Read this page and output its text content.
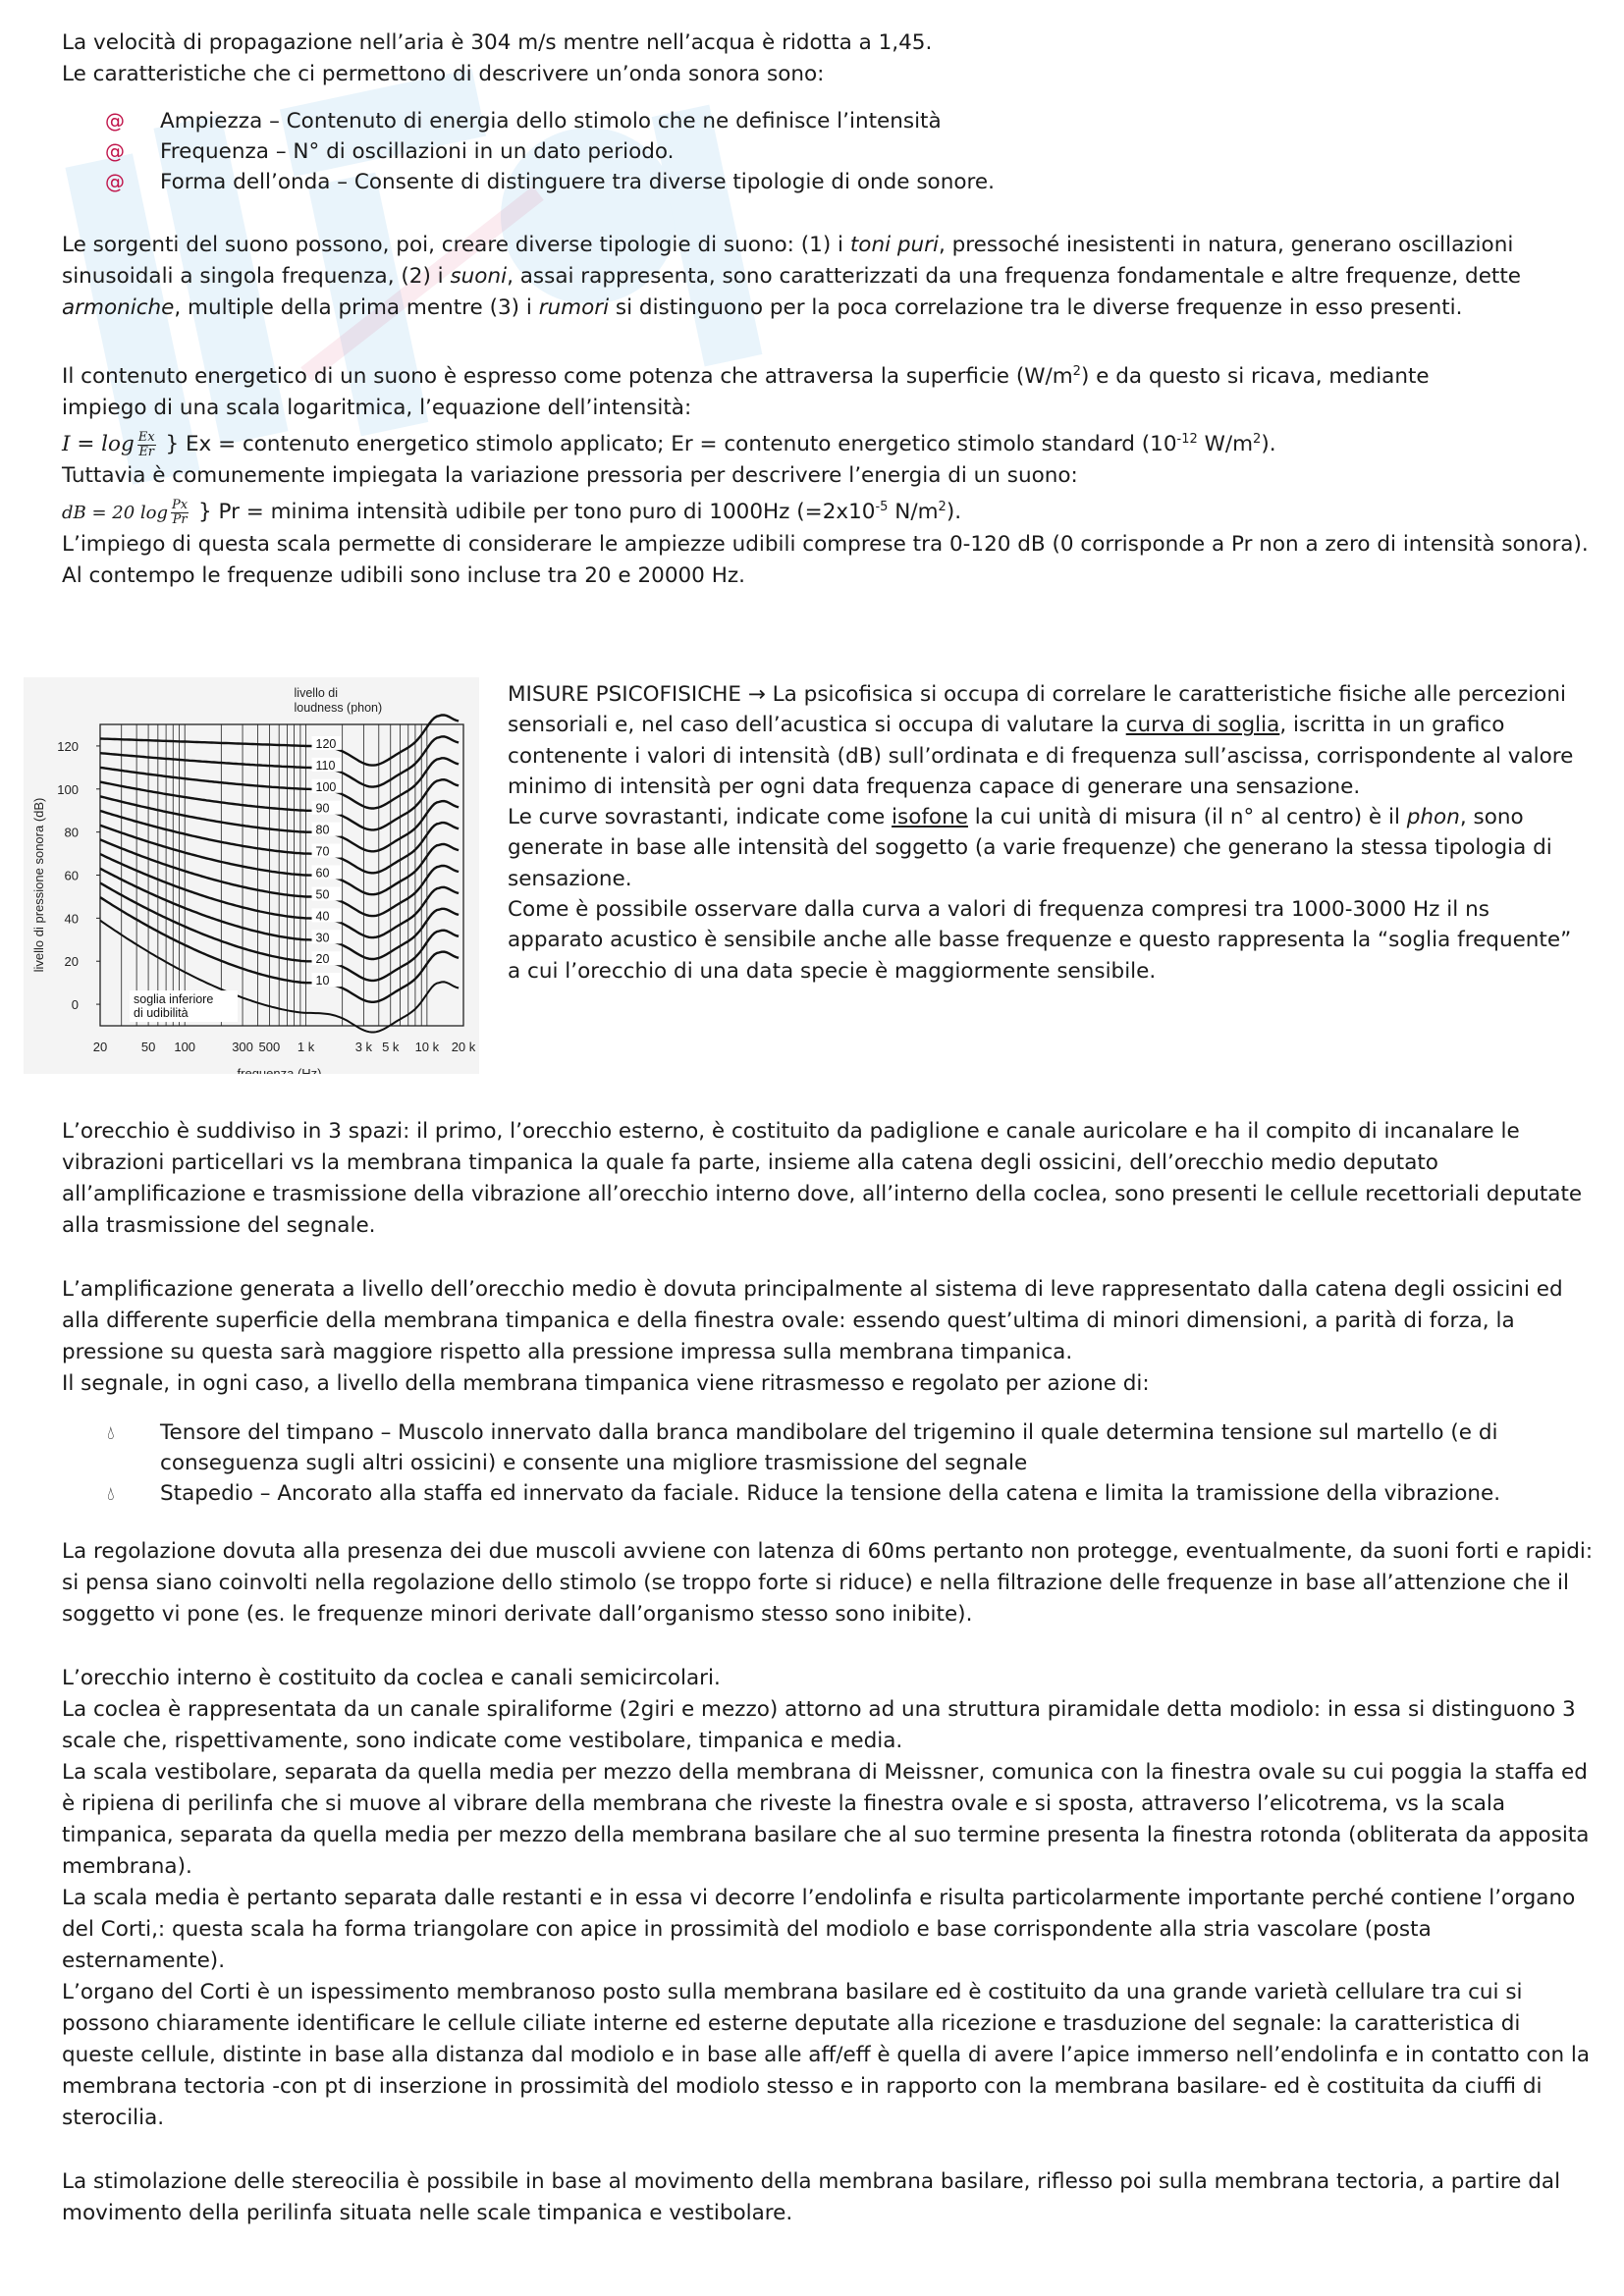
La velocità di propagazione nell’aria è 304 m/s mentre nell’acqua è ridotta a 1,45.
Le caratteristiche che ci permettono di descrivere un’onda sonora sono:

@ Ampiezza – Contenuto di energia dello stimolo che ne definisce l’intensità
@ Frequenza – N° di oscillazioni in un dato periodo.
@ Forma dell’onda – Consente di distinguere tra diverse tipologie di onde sonore.

Le sorgenti del suono possono, poi, creare diverse tipologie di suono: (1) i toni puri, pressoché inesistenti in natura, generano oscillazioni sinusoidali a singola frequenza, (2) i suoni, assai rappresenta, sono caratterizzati da una frequenza fondamentale e altre frequenze, dette armoniche, multiple della prima mentre (3) i rumori si distinguono per la poca correlazione tra le diverse frequenze in esso presenti.

Il contenuto energetico di un suono è espresso come potenza che attraversa la superficie $(W/m^2)$ e da questo si ricava, mediante
impiego di una scala logaritmica, l’equazione dell’intensità:
$I = \log \frac{Ex}{Er}$ } Ex = contenuto energetico stimolo applicato; Er = contenuto energetico stimolo standard ($10^{-12}$ $W/m^2$).
Tuttavia è comunemente impiegata la variazione pressoria per descrivere l’energia di un suono:
dB = 20 $\log \frac{Px}{Pr}$ } Pr = minima intensità udibile per tono puro di 1000Hz ($=2x10^{-5}$ $N/m^2$).
L’impiego di questa scala permette di considerare le ampiezze udibili comprese tra 0-120 dB (0 corrisponde a Pr non a zero di intensità sonora). Al contempo le frequenze udibili sono incluse tra 20 e 20000 Hz.

0
20
40
60
80
100
120
20	50 100	300 500 1 k	3 k 5 k 10 k 20 k
frequenza (Hz)
livello di pressione sonora (dB)
livello di
loudness (phon)
120
110
100
90
80
70
60
50
40
30
20
10
soglia inferiore
di udibilità

MISURE PSICOFISICHE → La psicofisica si occupa di correlare le caratteristiche fisiche alle percezioni sensoriali e, nel caso dell’acustica si occupa di valutare la curva di soglia, iscritta in un grafico contenente i valori di intensità (dB) sull’ordinata e di frequenza sull’ascissa, corrispondente al valore minimo di intensità per ogni data frequenza capace di generare una sensazione.
Le curve sovrastanti, indicate come isofone la cui unità di misura (il n° al centro) è il phon, sono generate in base alle intensità del soggetto (a varie frequenze) che generano la stessa tipologia di sensazione.
Come è possibile osservare dalla curva a valori di frequenza compresi tra 1000-3000 Hz il ns apparato acustico è sensibile anche alle basse frequenze e questo rappresenta la “soglia frequente” a cui l’orecchio di una data specie è maggiormente sensibile.

L’orecchio è suddiviso in 3 spazi: il primo, l’orecchio esterno, è costituito da padiglione e canale auricolare e ha il compito di incanalare le vibrazioni particellari vs la membrana timpanica la quale fa parte, insieme alla catena degli ossicini, dell’orecchio medio deputato all’amplificazione e trasmissione della vibrazione all’orecchio interno dove, all’interno della coclea, sono presenti le cellule recettoriali deputate alla trasmissione del segnale.

L’amplificazione generata a livello dell’orecchio medio è dovuta principalmente al sistema di leve rappresentato dalla catena degli ossicini ed alla differente superficie della membrana timpanica e della finestra ovale: essendo quest’ultima di minori dimensioni, a parità di forza, la pressione su questa sarà maggiore rispetto alla pressione impressa sulla membrana timpanica.
Il segnale, in ogni caso, a livello della membrana timpanica viene ritrasmesso e regolato per azione di:

💧︎ Tensore del timpano – Muscolo innervato dalla branca mandibolare del trigemino il quale determina tensione sul martello (e di conseguenza sugli altri ossicini) e consente una migliore trasmissione del segnale
💧︎ Stapedio – Ancorato alla staffa ed innervato da faciale. Riduce la tensione della catena e limita la tramissione della vibrazione.

La regolazione dovuta alla presenza dei due muscoli avviene con latenza di 60ms pertanto non protegge, eventualmente, da suoni forti e rapidi: si pensa siano coinvolti nella regolazione dello stimolo (se troppo forte si riduce) e nella filtrazione delle frequenze in base all’attenzione che il soggetto vi pone (es. le frequenze minori derivate dall’organismo stesso sono inibite).

L’orecchio interno è costituito da coclea e canali semicircolari.
La coclea è rappresentata da un canale spiraliforme (2giri e mezzo) attorno ad una struttura piramidale detta modiolo: in essa si distinguono 3 scale che, rispettivamente, sono indicate come vestibolare, timpanica e media.
La scala vestibolare, separata da quella media per mezzo della membrana di Meissner, comunica con la finestra ovale su cui poggia la staffa ed è ripiena di perilinfa che si muove al vibrare della membrana che riveste la finestra ovale e si sposta, attraverso l’elicotrema, vs la scala timpanica, separata da quella media per mezzo della membrana basilare che al suo termine presenta la finestra rotonda (obliterata da apposita membrana).
La scala media è pertanto separata dalle restanti e in essa vi decorre l’endolinfa e risulta particolarmente importante perché contiene l’organo del Corti,: questa scala ha forma triangolare con apice in prossimità del modiolo e base corrispondente alla stria vascolare (posta esternamente).
L’organo del Corti è un ispessimento membranoso posto sulla membrana basilare ed è costituito da una grande varietà cellulare tra cui si possono chiaramente identificare le cellule ciliate interne ed esterne deputate alla ricezione e trasduzione del segnale: la caratteristica di queste cellule, distinte in base alla distanza dal modiolo e in base alle aff/eff è quella di avere l’apice immerso nell’endolinfa e in contatto con la membrana tectoria -con pt di inserzione in prossimità del modiolo stesso e in rapporto con la membrana basilare- ed è costituita da ciuffi di sterocilia.

La stimolazione delle stereocilia è possibile in base al movimento della membrana basilare, riflesso poi sulla membrana tectoria, a partire dal movimento della perilinfa situata nelle scale timpanica e vestibolare.
